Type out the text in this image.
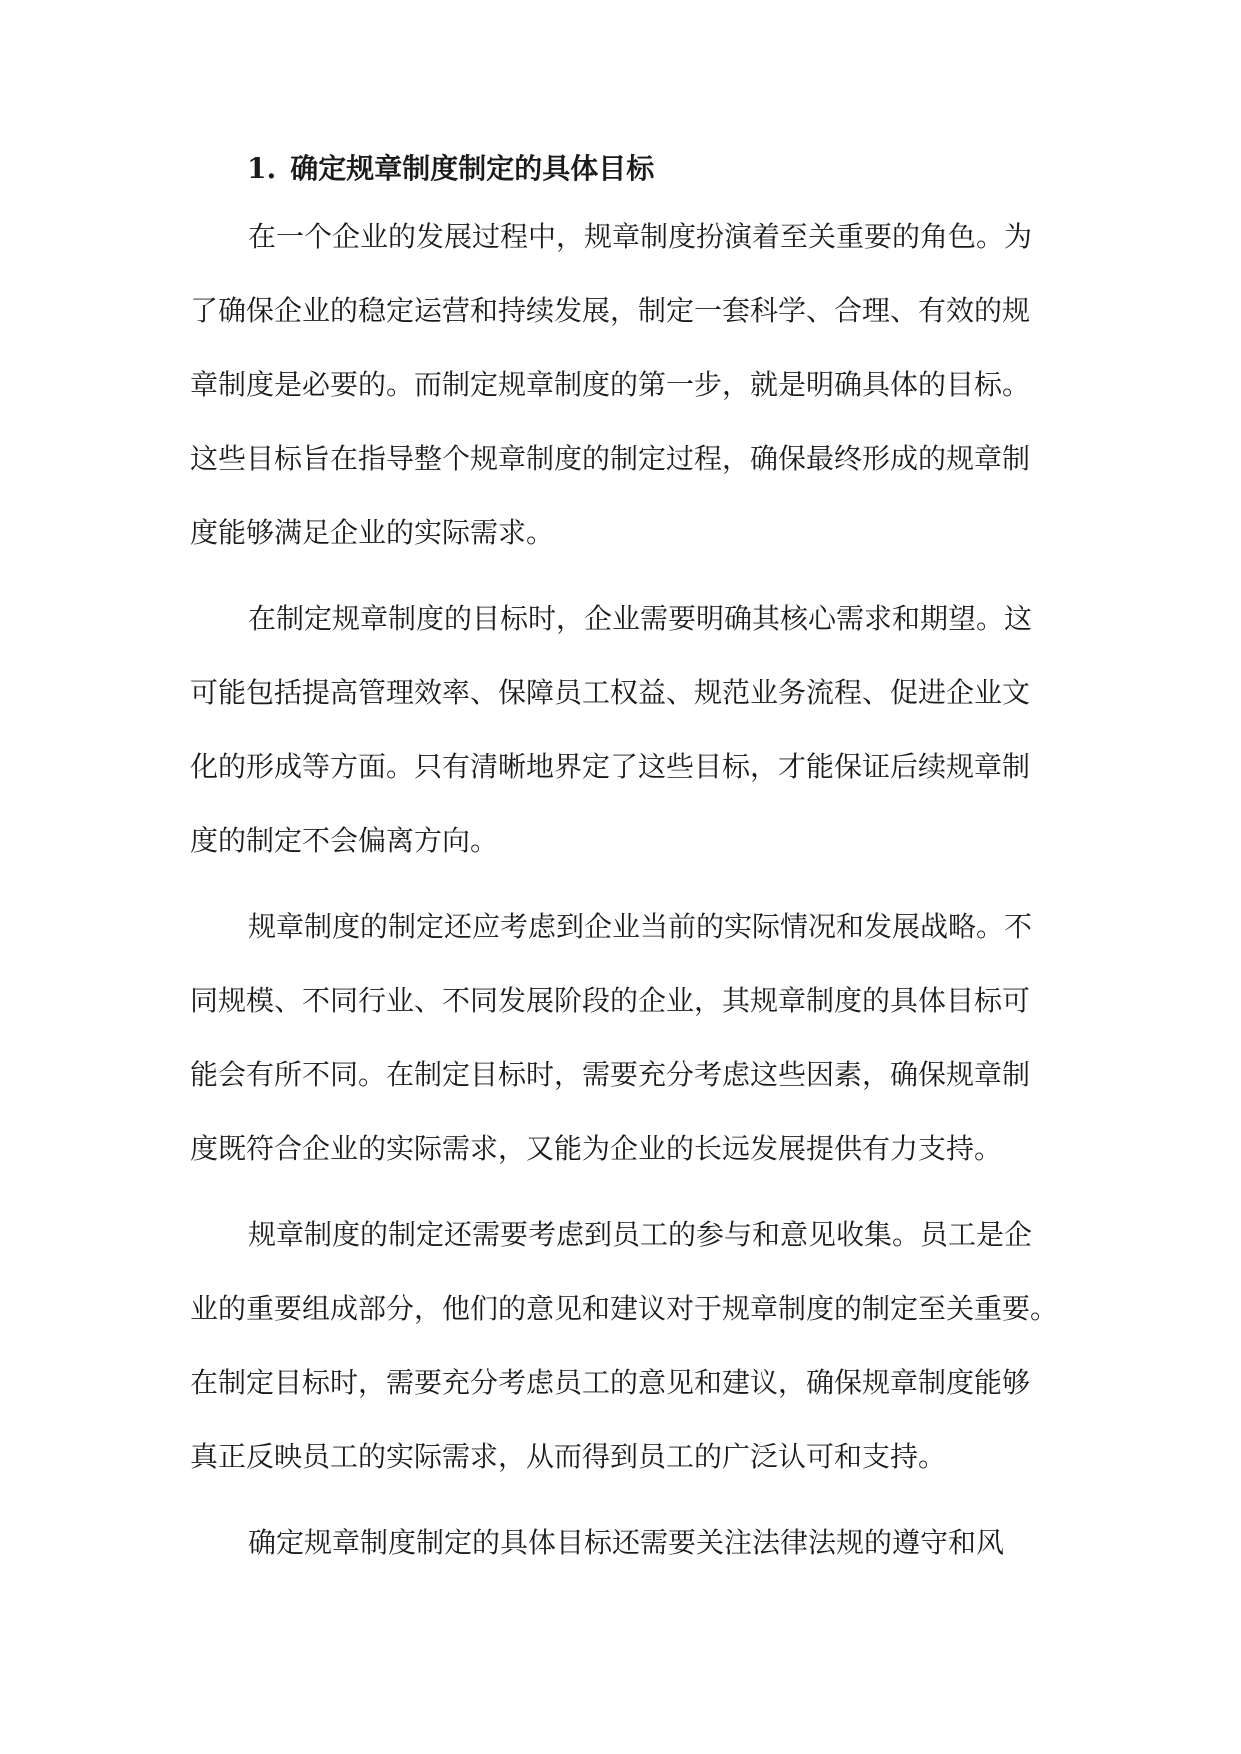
1. 确定规章制度制定的具体目标

在一个企业的发展过程中，规章制度扮演着至关重要的角色。为
了确保企业的稳定运营和持续发展，制定一套科学、合理、有效的规
章制度是必要的。而制定规章制度的第一步，就是明确具体的目标。
这些目标旨在指导整个规章制度的制定过程，确保最终形成的规章制
度能够满足企业的实际需求。

在制定规章制度的目标时，企业需要明确其核心需求和期望。这
可能包括提高管理效率、保障员工权益、规范业务流程、促进企业文
化的形成等方面。只有清晰地界定了这些目标，才能保证后续规章制
度的制定不会偏离方向。

规章制度的制定还应考虑到企业当前的实际情况和发展战略。不
同规模、不同行业、不同发展阶段的企业，其规章制度的具体目标可
能会有所不同。在制定目标时，需要充分考虑这些因素，确保规章制
度既符合企业的实际需求，又能为企业的长远发展提供有力支持。

规章制度的制定还需要考虑到员工的参与和意见收集。员工是企
业的重要组成部分，他们的意见和建议对于规章制度的制定至关重要。
在制定目标时，需要充分考虑员工的意见和建议，确保规章制度能够
真正反映员工的实际需求，从而得到员工的广泛认可和支持。

确定规章制度制定的具体目标还需要关注法律法规的遵守和风
